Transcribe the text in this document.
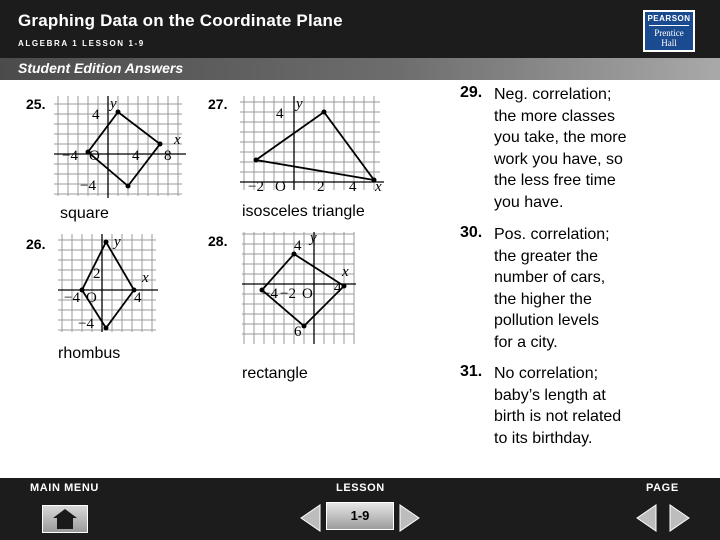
Graphing Data on the Coordinate Plane
ALGEBRA 1 LESSON 1-9
PEARSON
Prentice
Hall
Student Edition Answers
25.
4
y
x
−4 O 4 8
−4
square
27.
4
y
−2 O 2 4 x
isosceles triangle
26.	y
2	x
−4 O 4
−4
rhombus
28.	4 y
x
−4 −2 O 4
6
rectangle
29. Neg. correlation;
the more classes
you take, the more
work you have, so
the less free time
you have.
30. Pos. correlation;
the greater the
number of cars,
the higher the
pollution levels
for a city.
31. No correlation;
baby’s length at
birth is not related
to its birthday.
MAIN MENU	LESSON	PAGE
1-9
